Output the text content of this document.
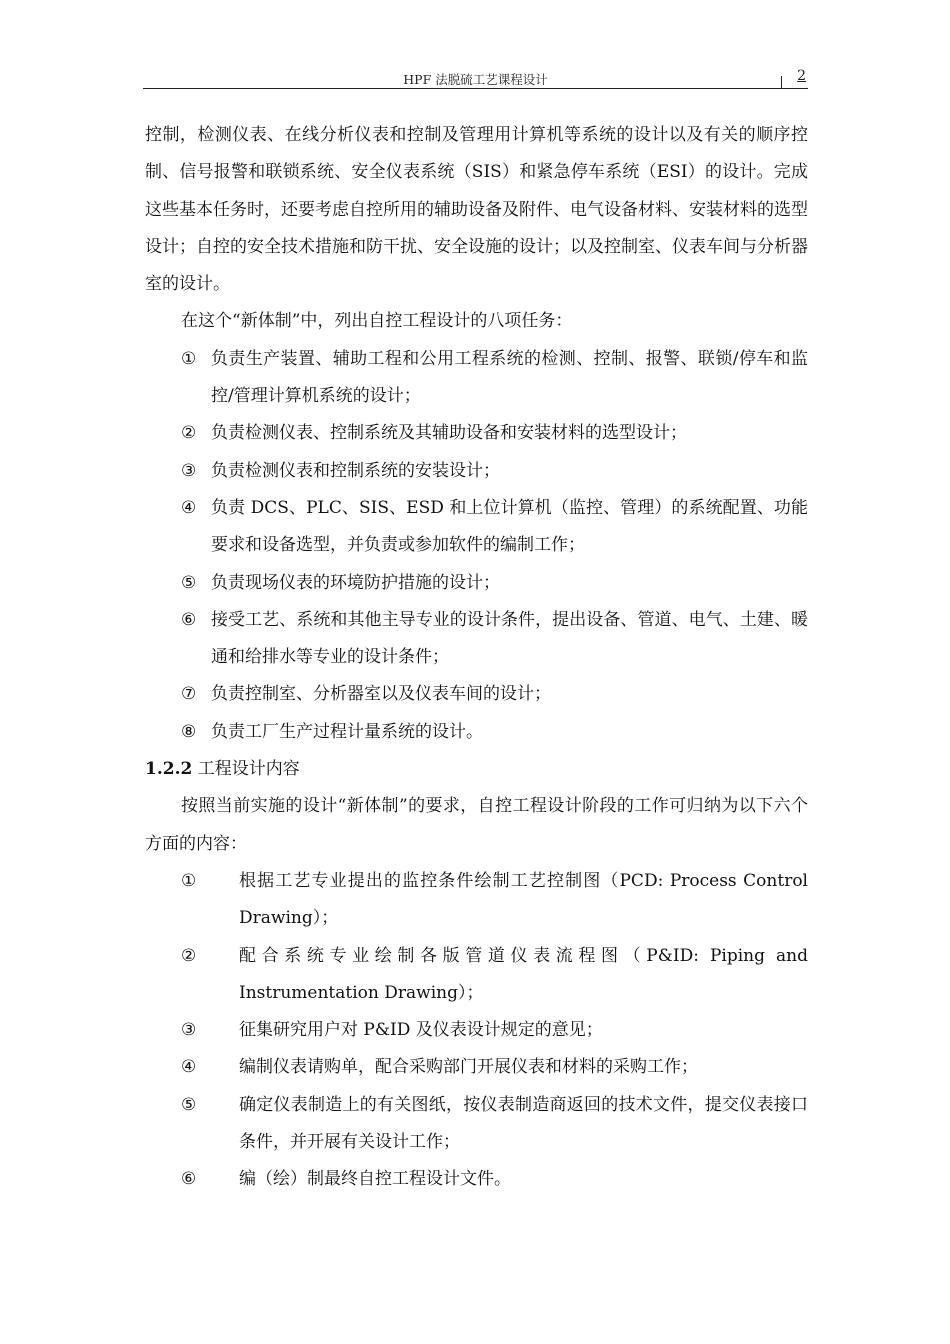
HPF 法脱硫工艺课程设计	2

控制，检测仪表、在线分析仪表和控制及管理用计算机等系统的设计以及有关的顺序控制、信号报警和联锁系统、安全仪表系统（SIS）和紧急停车系统（ESI）的设计。完成这些基本任务时，还要考虑自控所用的辅助设备及附件、电气设备材料、安装材料的选型设计；自控的安全技术措施和防干扰、安全设施的设计；以及控制室、仪表车间与分析器室的设计。

在这个“新体制”中，列出自控工程设计的八项任务：

① 负责生产装置、辅助工程和公用工程系统的检测、控制、报警、联锁/停车和监控/管理计算机系统的设计；
② 负责检测仪表、控制系统及其辅助设备和安装材料的选型设计；
③ 负责检测仪表和控制系统的安装设计；
④ 负责 DCS、PLC、SIS、ESD 和上位计算机（监控、管理）的系统配置、功能要求和设备选型，并负责或参加软件的编制工作；
⑤ 负责现场仪表的环境防护措施的设计；
⑥ 接受工艺、系统和其他主导专业的设计条件，提出设备、管道、电气、土建、暖通和给排水等专业的设计条件；
⑦ 负责控制室、分析器室以及仪表车间的设计；
⑧ 负责工厂生产过程计量系统的设计。

1.2.2 工程设计内容

按照当前实施的设计“新体制”的要求，自控工程设计阶段的工作可归纳为以下六个方面的内容：

①	根据工艺专业提出的监控条件绘制工艺控制图（PCD: Process Control Drawing）；
②	配合系统专业绘制各版管道仪表流程图（P&ID: Piping and Instrumentation Drawing）；
③	征集研究用户对 P&ID 及仪表设计规定的意见；
④	编制仪表请购单，配合采购部门开展仪表和材料的采购工作；
⑤	确定仪表制造上的有关图纸，按仪表制造商返回的技术文件，提交仪表接口条件，并开展有关设计工作；
⑥	编（绘）制最终自控工程设计文件。
